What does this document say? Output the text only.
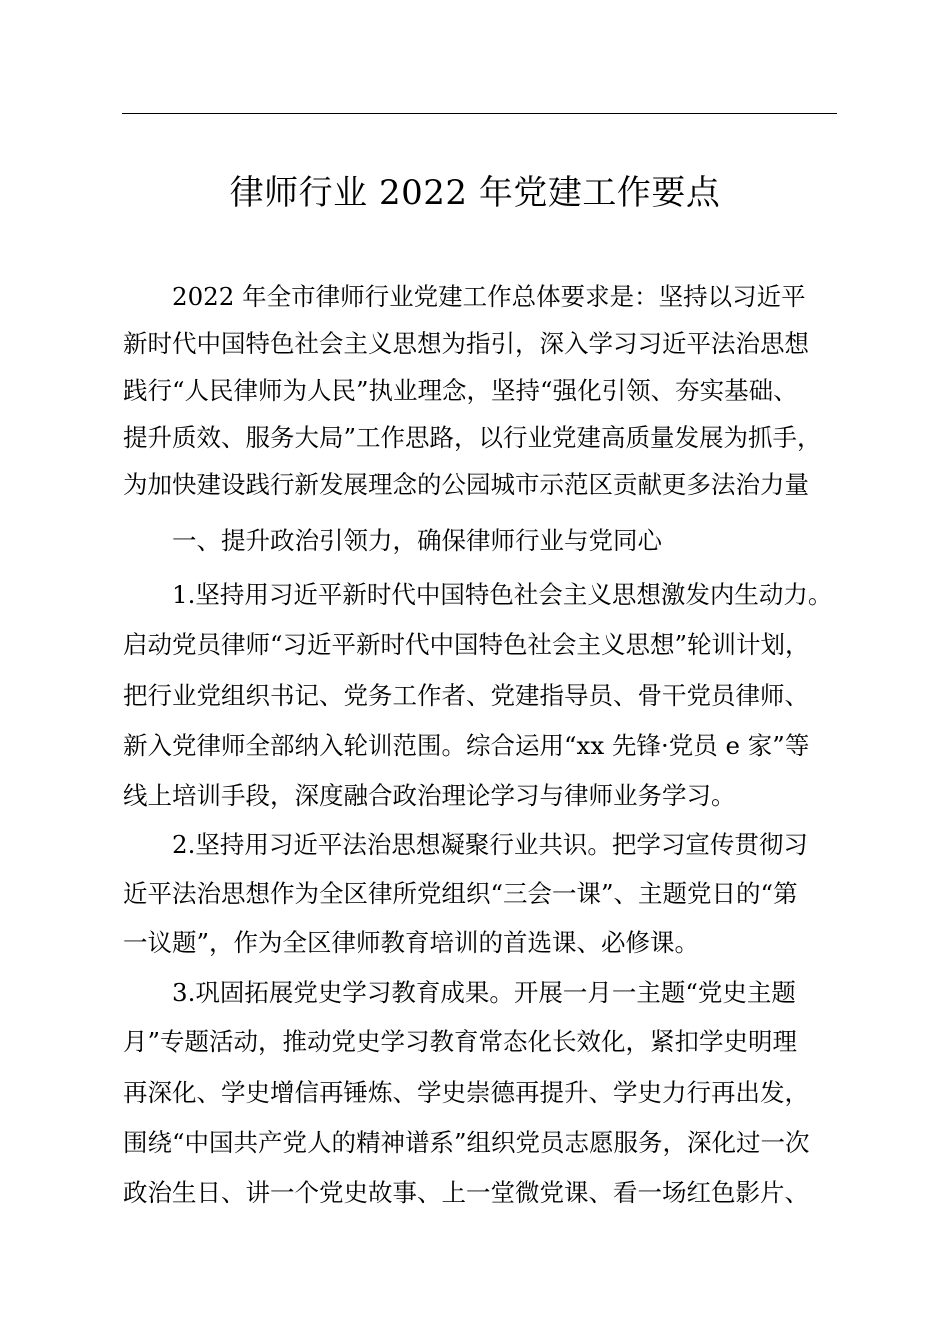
律师行业 2022 年党建工作要点

2022 年全市律师行业党建工作总体要求是：坚持以习近平

新时代中国特色社会主义思想为指引，深入学习习近平法治思想

践行“人民律师为人民”执业理念，坚持“强化引领、夯实基础、

提升质效、服务大局”工作思路，以行业党建高质量发展为抓手，

为加快建设践行新发展理念的公园城市示范区贡献更多法治力量

一、提升政治引领力，确保律师行业与党同心

1.坚持用习近平新时代中国特色社会主义思想激发内生动力。

启动党员律师“习近平新时代中国特色社会主义思想”轮训计划，

把行业党组织书记、党务工作者、党建指导员、骨干党员律师、

新入党律师全部纳入轮训范围。综合运用“xx 先锋·党员 e 家”等

线上培训手段，深度融合政治理论学习与律师业务学习。

2.坚持用习近平法治思想凝聚行业共识。把学习宣传贯彻习

近平法治思想作为全区律所党组织“三会一课”、主题党日的“第

一议题”，作为全区律师教育培训的首选课、必修课。

3.巩固拓展党史学习教育成果。开展一月一主题“党史主题

月”专题活动，推动党史学习教育常态化长效化，紧扣学史明理

再深化、学史增信再锤炼、学史崇德再提升、学史力行再出发，

围绕“中国共产党人的精神谱系”组织党员志愿服务，深化过一次

政治生日、讲一个党史故事、上一堂微党课、看一场红色影片、
